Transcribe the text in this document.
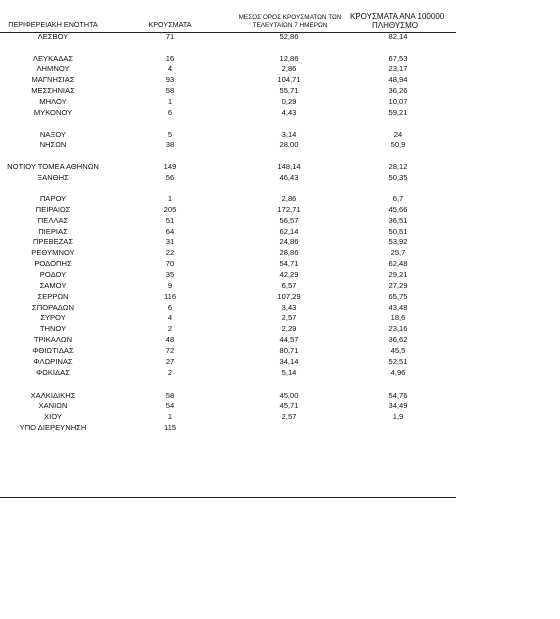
ΠΕΡΙΦΕΡΕΙΑΚΗ ΕΝΟΤΗΤΑ	ΚΡΟΥΣΜΑΤΑ
ΜΕΣΟΣ ΟΡΟΣ ΚΡΟΥΣΜΑΤΩΝ ΤΩΝ
ΤΕΛΕΥΤΑΙΩΝ 7 ΗΜΕΡΩΝ
ΚΡΟΥΣΜΑΤΑ ΑΝΑ 100000
ΠΛΗΘΥΣΜΟ
ΛΕΣΒΟΥ	71	52,86	82,14
ΛΕΥΚΑΔΑΣ	16	12,86	67,53
ΛΗΜΝΟΥ	4	2,86	23,17
ΜΑΓΝΗΣΙΑΣ	93	104,71	48,94
ΜΕΣΣΗΝΙΑΣ	58	55,71	36,26
ΜΗΛΟΥ	1	0,29	10,07
ΜΥΚΟΝΟΥ	6	4,43	59,21
ΝΑΞΟΥ	5	3,14	24
ΝΗΣΩΝ	38	28,00	50,9
ΝΟΤΙΟΥ ΤΟΜΕΑ ΑΘΗΝΩΝ	149	148,14	28,12
ΞΑΝΘΗΣ	56	46,43	50,35
ΠΑΡΟΥ	1	2,86	6,7
ΠΕΙΡΑΙΩΣ	205	172,71	45,66
ΠΕΛΛΑΣ	51	56,57	36,51
ΠΙΕΡΙΑΣ	64	62,14	50,51
ΠΡΕΒΕΖΑΣ	31	24,86	53,92
ΡΕΘΥΜΝΟΥ	22	28,86	25,7
ΡΟΔΟΠΗΣ	70	54,71	62,48
ΡΟΔΟΥ	35	42,29	29,21
ΣΑΜΟΥ	9	6,57	27,29
ΣΕΡΡΩΝ	116	107,29	65,75
ΣΠΟΡΑΔΩΝ	6	3,43	43,48
ΣΥΡΟΥ	4	2,57	18,6
ΤΗΝΟΥ	2	2,29	23,16
ΤΡΙΚΑΛΩΝ	48	44,57	36,62
ΦΘΙΩΤΙΔΑΣ	72	80,71	45,5
ΦΛΩΡΙΝΑΣ	27	34,14	52,51
ΦΩΚΙΔΑΣ	2	5,14	4,96
ΧΑΛΚΙΔΙΚΗΣ	58	45,00	54,76
ΧΑΝΙΩΝ	54	45,71	34,49
ΧΙΟΥ	1	2,57	1,9
ΥΠΟ ΔΙΕΡΕΥΝΗΣΗ	115
